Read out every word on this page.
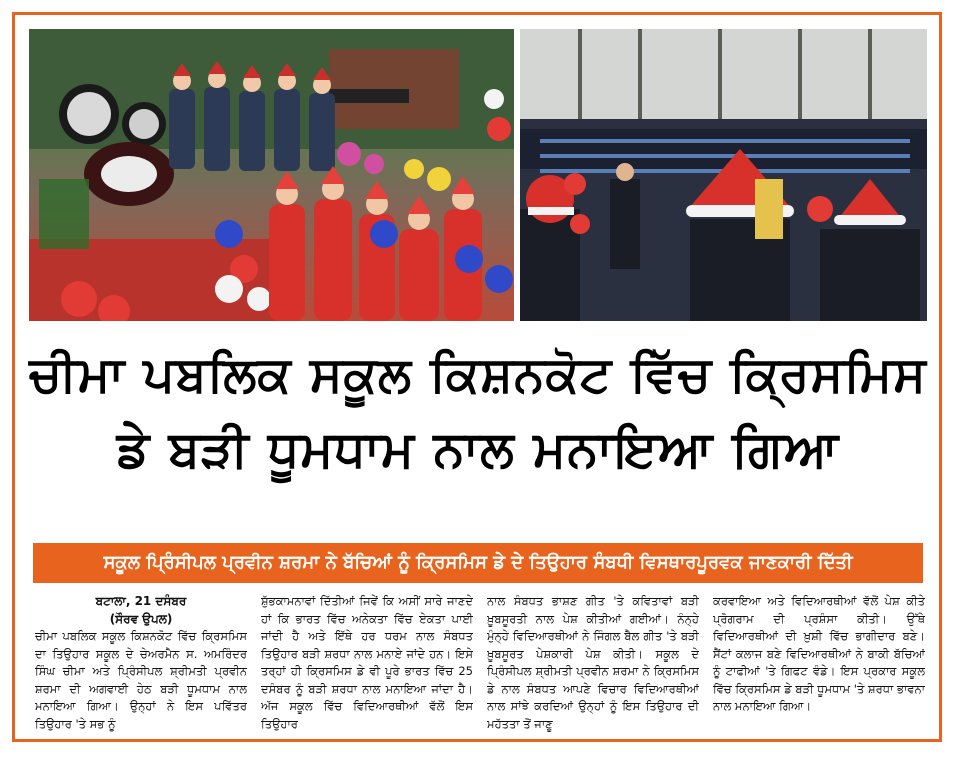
ਚੀਮਾ ਪਬਲਿਕ ਸਕੂਲ ਕਿਸ਼ਨਕੋਟ ਵਿੱਚ ਕ੍ਰਿਸਮਿਸ
ਡੇ ਬੜੀ ਧੂਮਧਾਮ ਨਾਲ ਮਨਾਇਆ ਗਿਆ
ਸਕੂਲ ਪ੍ਰਿੰਸੀਪਲ ਪ੍ਰਵੀਨ ਸ਼ਰਮਾ ਨੇ ਬੱਚਿਆਂ ਨੂੰ ਕ੍ਰਿਸਮਿਸ ਡੇ ਦੇ ਤਿਉਹਾਰ ਸੰਬਧੀ ਵਿਸਥਾਰਪੂਰਵਕ ਜਾਣਕਾਰੀ ਦਿੱਤੀ
ਬਟਾਲਾ, 21 ਦਸੰਬਰ
(ਸੌਰਵ ਉਪਲ)

ਚੀਮਾ ਪਬਲਿਕ ਸਕੂਲ ਕਿਸ਼ਨਕੋਟ ਵਿੱਚ ਕ੍ਰਿਸਮਿਸ ਦਾ ਤਿਉਹਾਰ ਸਕੂਲ ਦੇ ਚੇਅਰਮੈਨ ਸ. ਅਮਰਿੰਦਰ ਸਿੰਘ ਚੀਮਾ ਅਤੇ ਪ੍ਰਿੰਸੀਪਲ ਸ਼੍ਰੀਮਤੀ ਪ੍ਰਵੀਨ ਸ਼ਰਮਾ ਦੀ ਅਗਵਾਈ ਹੇਠ ਬੜੀ ਧੂਮਧਾਮ ਨਾਲ ਮਨਾਇਆ ਗਿਆ। ਉਨ੍ਹਾਂ ਨੇ ਇਸ ਪਵਿੱਤਰ ਤਿਉਹਾਰ 'ਤੇ ਸਭ ਨੂੰ

ਸ਼ੁੱਭਕਾਮਨਾਵਾਂ ਦਿੱਤੀਆਂ ਜਿਵੇਂ ਕਿ ਅਸੀਂ ਸਾਰੇ ਜਾਣਦੇ ਹਾਂ ਕਿ ਭਾਰਤ ਵਿੱਚ ਅਨੇਕਤਾ ਵਿੱਚ ਏਕਤਾ ਪਾਈ ਜਾਂਦੀ ਹੈ ਅਤੇ ਇੱਥੇ ਹਰ ਧਰਮ ਨਾਲ ਸੰਬਧਤ ਤਿਉਹਾਰ ਬੜੀ ਸ਼ਰਧਾ ਨਾਲ ਮਨਾਏ ਜਾਂਦੇ ਹਨ। ਇਸੇ ਤਰ੍ਹਾਂ ਹੀ ਕ੍ਰਿਸਮਿਸ ਡੇ ਵੀ ਪੂਰੇ ਭਾਰਤ ਵਿੱਚ 25 ਦਸੰਬਰ ਨੂੰ ਬੜੀ ਸ਼ਰਧਾ ਨਾਲ ਮਨਾਇਆ ਜਾਂਦਾ ਹੈ। ਅੱਜ ਸਕੂਲ ਵਿੱਚ ਵਿਦਿਆਰਥੀਆਂ ਵੱਲੋਂ ਇਸ ਤਿਉਹਾਰ

ਨਾਲ ਸੰਬਧਤ ਭਾਸ਼ਣ ਗੀਤ 'ਤੇ ਕਵਿਤਾਵਾਂ ਬੜੀ ਖ਼ੂਬਸੂਰਤੀ ਨਾਲ ਪੇਸ਼ ਕੀਤੀਆਂ ਗਈਆਂ। ਨੰਨ੍ਹੇ ਮੁੰਨ੍ਹੇ ਵਿਦਿਆਰਥੀਆਂ ਨੇ ਜਿੰਗਲ ਬੈਲ ਗੀਤ 'ਤੇ ਬੜੀ ਖ਼ੂਬਸੂਰਤ ਪੇਸ਼ਕਾਰੀ ਪੇਸ਼ ਕੀਤੀ। ਸਕੂਲ ਦੇ ਪ੍ਰਿੰਸੀਪਲ ਸ਼੍ਰੀਮਤੀ ਪ੍ਰਵੀਨ ਸ਼ਰਮਾ ਨੇ ਕ੍ਰਿਸਮਿਸ ਡੇ ਨਾਲ ਸੰਬਧਤ ਆਪਣੇ ਵਿਚਾਰ ਵਿਦਿਆਰਥੀਆਂ ਨਾਲ ਸਾਂਝੇ ਕਰਦਿਆਂ ਉਨ੍ਹਾਂ ਨੂੰ ਇਸ ਤਿਉਹਾਰ ਦੀ ਮਹੱਤਤਾ ਤੋਂ ਜਾਣੂ

ਕਰਵਾਇਆ ਅਤੇ ਵਿਦਿਆਰਥੀਆਂ ਵੱਲੋਂ ਪੇਸ਼ ਕੀਤੇ ਪ੍ਰੋਗਰਾਮ ਦੀ ਪ੍ਰਸ਼ੰਸਾ ਕੀਤੀ। ਉੱਥੇ ਵਿਦਿਆਰਥੀਆਂ ਦੀ ਖ਼ੁਸ਼ੀ ਵਿੱਚ ਭਾਗੀਦਾਰ ਬਣੇ। ਸੈਂਟਾਂ ਕਲਾਜ ਬਣੇ ਵਿਦਿਆਰਥੀਆਂ ਨੇ ਬਾਕੀ ਬੱਚਿਆਂ ਨੂੰ ਟਾਫੀਆਂ 'ਤੇ ਗਿਫਟ ਵੰਡੇ। ਇਸ ਪ੍ਰਕਾਰ ਸਕੂਲ ਵਿੱਚ ਕ੍ਰਿਸਮਿਸ ਡੇ ਬੜੀ ਧੂਮਧਾਮ 'ਤੇ ਸ਼ਰਧਾ ਭਾਵਨਾ ਨਾਲ ਮਨਾਇਆ ਗਿਆ।
